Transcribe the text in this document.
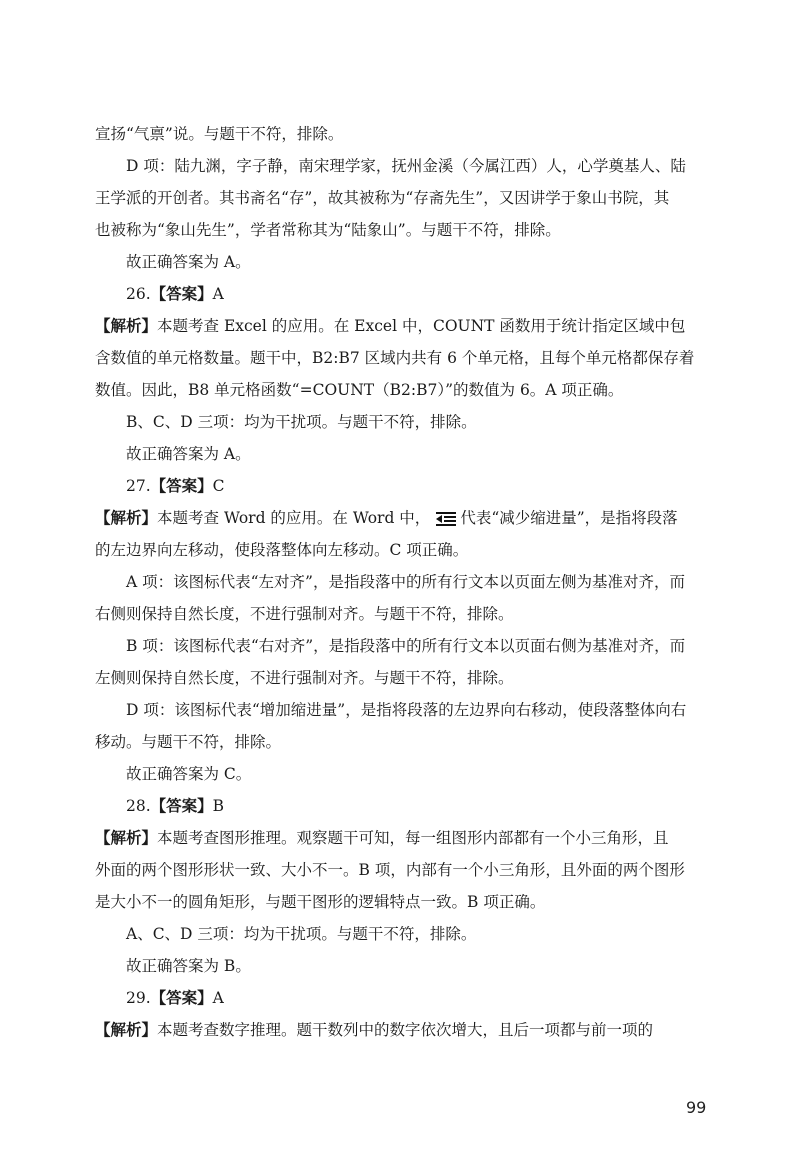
宣扬“气禀”说。与题干不符，排除。

D 项：陆九渊，字子静，南宋理学家，抚州金溪（今属江西）人，心学奠基人、陆

王学派的开创者。其书斋名“存”，故其被称为“存斋先生”，又因讲学于象山书院，其

也被称为“象山先生”，学者常称其为“陆象山”。与题干不符，排除。

故正确答案为 A。

26.【答案】A

【解析】本题考查 Excel 的应用。在 Excel 中，COUNT 函数用于统计指定区域中包

含数值的单元格数量。题干中，B2:B7 区域内共有 6 个单元格，且每个单元格都保存着

数值。因此，B8 单元格函数“=COUNT（B2:B7）”的数值为 6。A 项正确。

B、C、D 三项：均为干扰项。与题干不符，排除。

故正确答案为 A。

27.【答案】C

【解析】本题考查 Word 的应用。在 Word 中， 代表“减少缩进量”，是指将段落

的左边界向左移动，使段落整体向左移动。C 项正确。

A 项：该图标代表“左对齐”，是指段落中的所有行文本以页面左侧为基准对齐，而

右侧则保持自然长度，不进行强制对齐。与题干不符，排除。

B 项：该图标代表“右对齐”，是指段落中的所有行文本以页面右侧为基准对齐，而

左侧则保持自然长度，不进行强制对齐。与题干不符，排除。

D 项：该图标代表“增加缩进量”，是指将段落的左边界向右移动，使段落整体向右

移动。与题干不符，排除。

故正确答案为 C。

28.【答案】B

【解析】本题考查图形推理。观察题干可知，每一组图形内部都有一个小三角形，且

外面的两个图形形状一致、大小不一。B 项，内部有一个小三角形，且外面的两个图形

是大小不一的圆角矩形，与题干图形的逻辑特点一致。B 项正确。

A、C、D 三项：均为干扰项。与题干不符，排除。

故正确答案为 B。

29.【答案】A

【解析】本题考查数字推理。题干数列中的数字依次增大，且后一项都与前一项的

99
